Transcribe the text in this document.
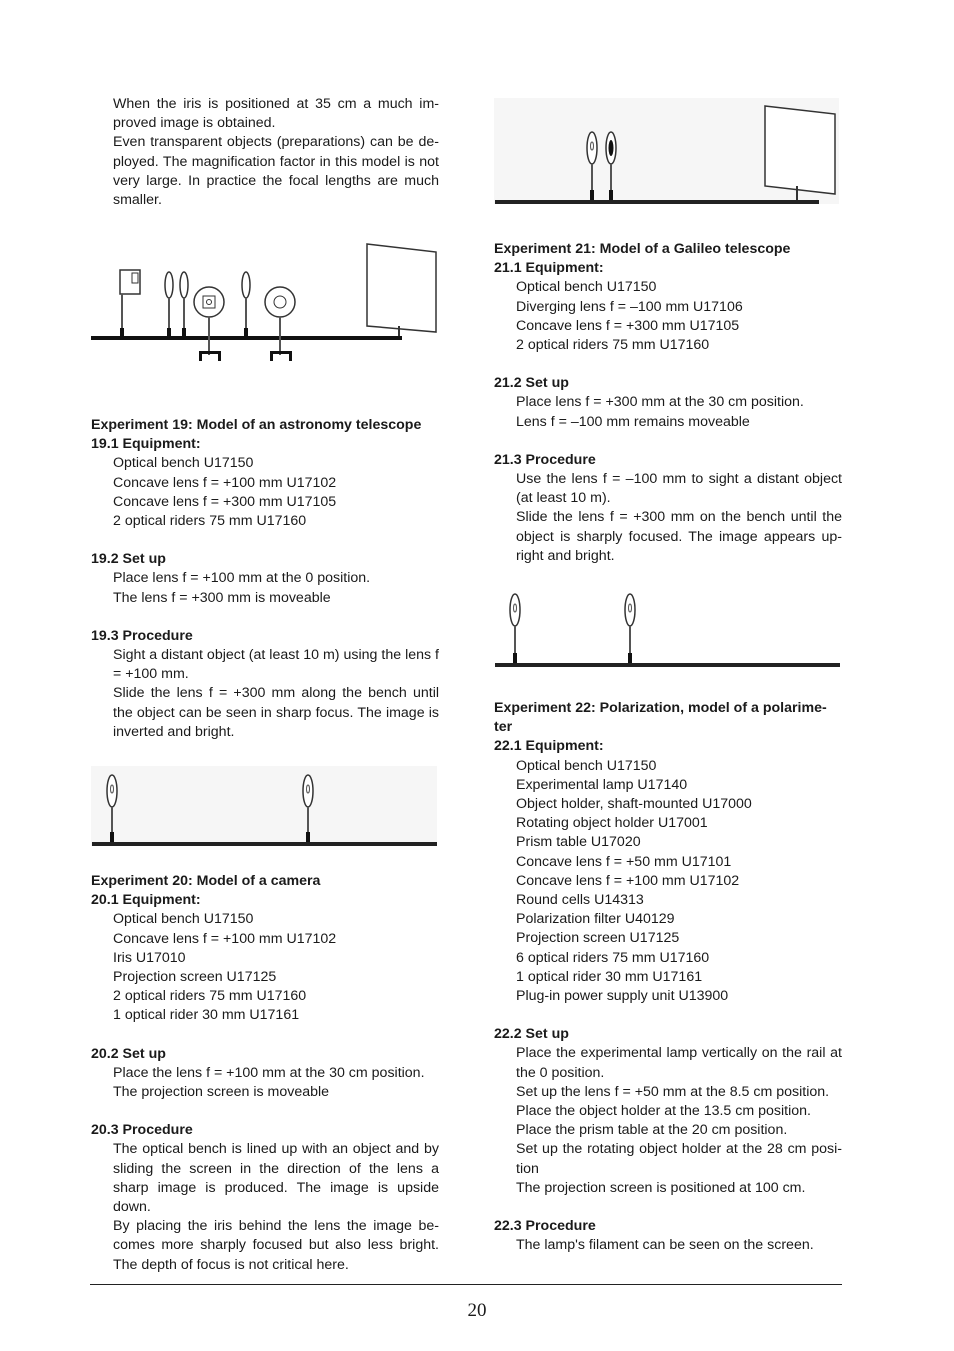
When the iris is positioned at 35 cm a much im-proved image is obtained.
Even transparent objects (preparations) can be de-ployed. The magnification factor in this model is not very large. In practice the focal lengths are much smaller.
Experiment 19: Model of an astronomy telescope
19.1 Equipment:
Optical bench U17150
Concave lens f = +100 mm U17102
Concave lens f = +300 mm U17105
2 optical riders 75 mm U17160
19.2 Set up
Place lens f = +100 mm at the 0 position.
The lens f = +300 mm is moveable
19.3 Procedure
Sight a distant object (at least 10 m) using the lens f = +100 mm.
Slide the lens f = +300 mm along the bench until the object can be seen in sharp focus. The image is inverted and bright.
Experiment 20: Model of a camera
20.1 Equipment:
Optical bench U17150
Concave lens f = +100 mm U17102
Iris U17010
Projection screen U17125
2 optical riders 75 mm U17160
1 optical rider 30 mm U17161
20.2 Set up
Place the lens f = +100 mm at the 30 cm position.
The projection screen is moveable
20.3 Procedure
The optical bench is lined up with an object and by sliding the screen in the direction of the lens a sharp image is produced. The image is upside down.
By placing the iris behind the lens the image be-comes more sharply focused but also less bright. The depth of focus is not critical here.
Experiment 21: Model of a Galileo telescope
21.1 Equipment:
Optical bench U17150
Diverging lens f = –100 mm U17106
Concave lens f = +300 mm U17105
2 optical riders 75 mm U17160
21.2 Set up
Place lens f = +300 mm at the 30 cm position.
Lens f = –100 mm remains moveable
21.3 Procedure
Use the lens f = –100 mm to sight a distant object (at least 10 m).
Slide the lens f = +300 mm on the bench until the object is sharply focused. The image appears up-right and bright.
Experiment 22: Polarization, model of a polarime-ter
22.1 Equipment:
Optical bench U17150
Experimental lamp U17140
Object holder, shaft-mounted U17000
Rotating object holder U17001
Prism table U17020
Concave lens f = +50 mm U17101
Concave lens f = +100 mm U17102
Round cells U14313
Polarization filter U40129
Projection screen U17125
6 optical riders 75 mm U17160
1 optical rider 30 mm U17161
Plug-in power supply unit U13900
22.2 Set up
Place the experimental lamp vertically on the rail at the 0 position.
Set up the lens f = +50 mm at the 8.5 cm position.
Place the object holder at the 13.5 cm position.
Place the prism table at the 20 cm position.
Set up the rotating object holder at the 28 cm posi-tion
The projection screen is positioned at 100 cm.
22.3 Procedure
The lamp's filament can be seen on the screen.
20
